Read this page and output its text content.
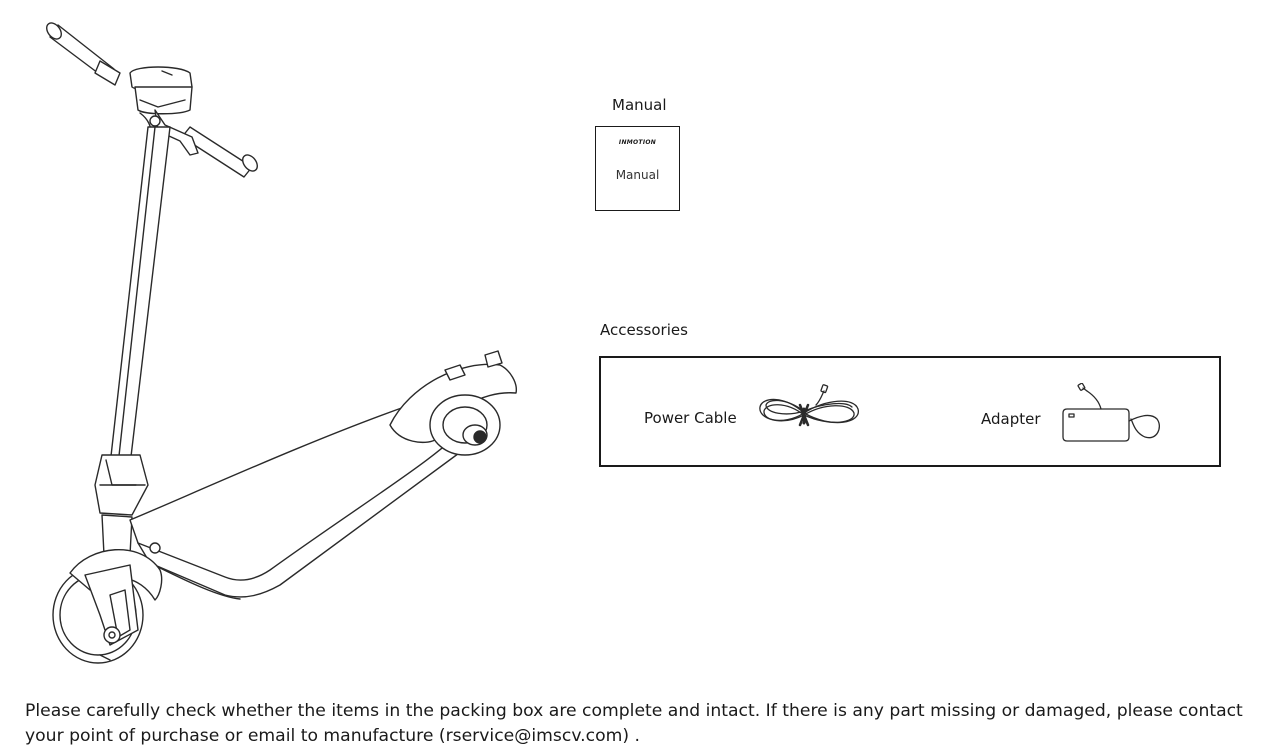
Manual
INMOTION
Manual
Accessories
Power Cable	Adapter
Please carefully check whether the items in the packing box are complete and intact. If there is any part missing or damaged, please contact your point of purchase or email to manufacture (rservice@imscv.com) .
